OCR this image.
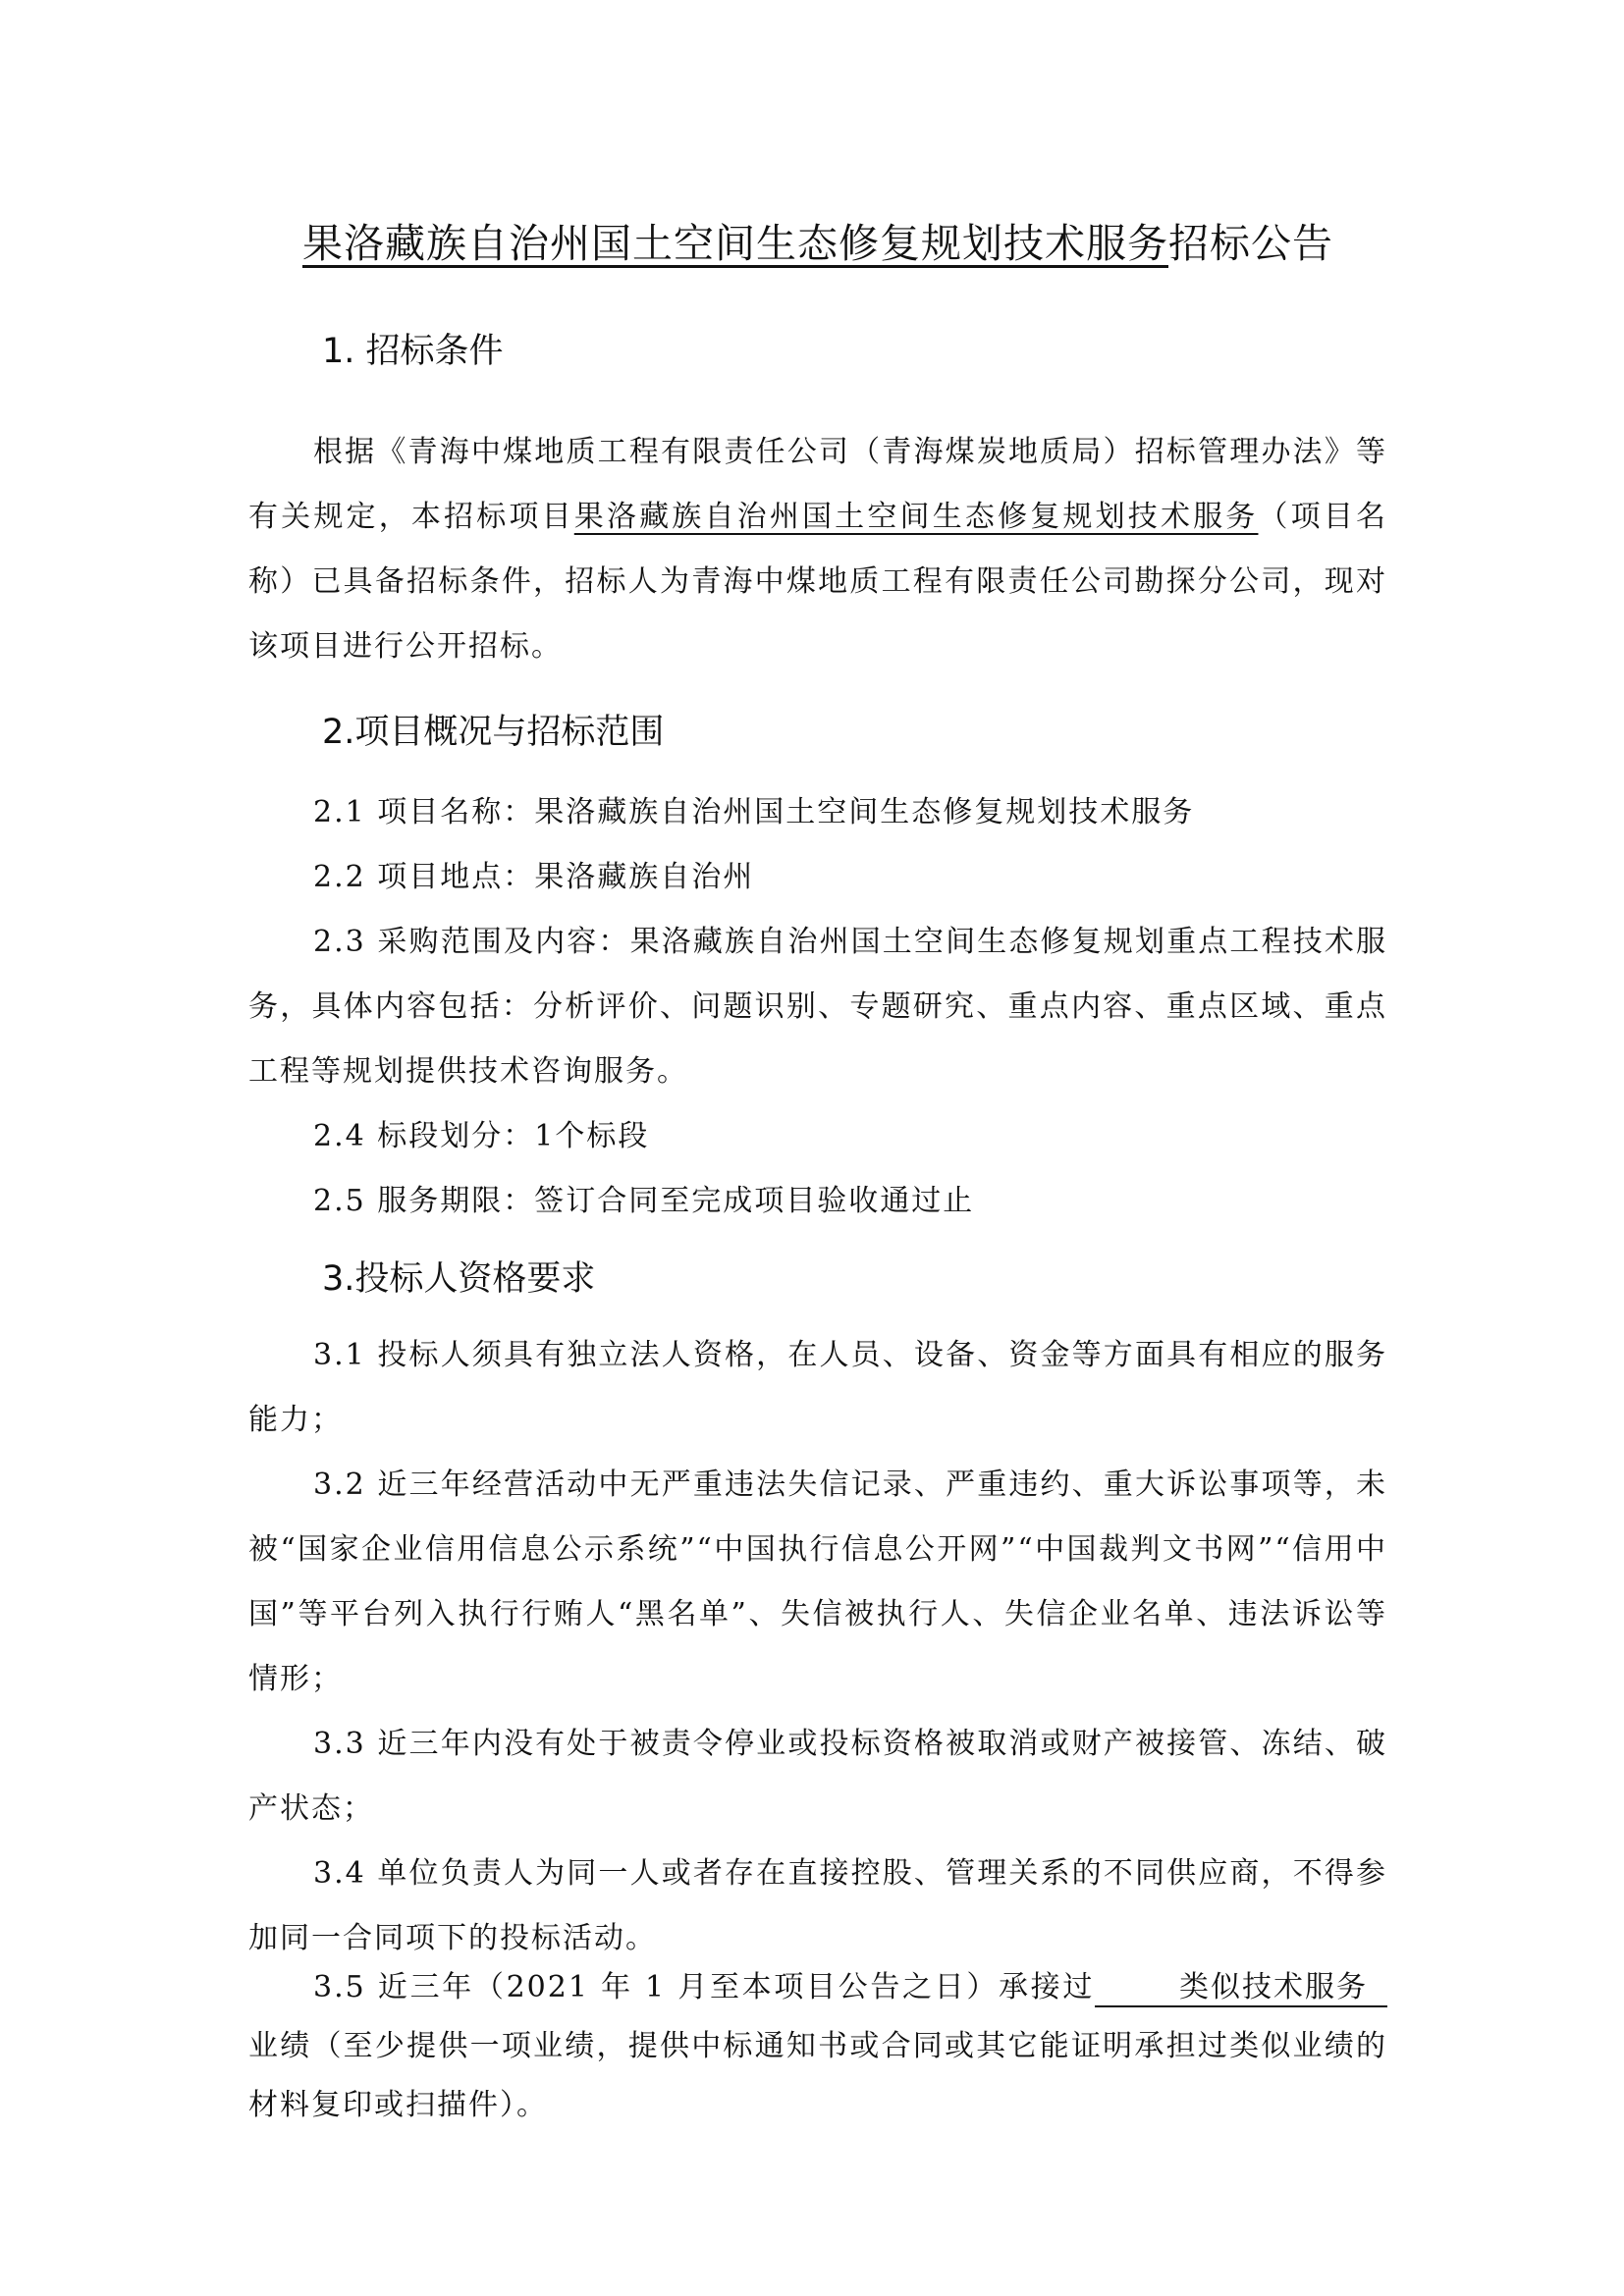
果洛藏族自治州国土空间生态修复规划技术服务招标公告
1. 招标条件
根据《青海中煤地质工程有限责任公司（青海煤炭地质局）招标管理办法》等有关规定，本招标项目果洛藏族自治州国土空间生态修复规划技术服务（项目名称）已具备招标条件，招标人为青海中煤地质工程有限责任公司勘探分公司，现对该项目进行公开招标。
2.项目概况与招标范围
2.1 项目名称：果洛藏族自治州国土空间生态修复规划技术服务
2.2 项目地点：果洛藏族自治州
2.3 采购范围及内容：果洛藏族自治州国土空间生态修复规划重点工程技术服务，具体内容包括：分析评价、问题识别、专题研究、重点内容、重点区域、重点工程等规划提供技术咨询服务。
2.4 标段划分：1个标段
2.5 服务期限：签订合同至完成项目验收通过止
3.投标人资格要求
3.1 投标人须具有独立法人资格，在人员、设备、资金等方面具有相应的服务能力；
3.2 近三年经营活动中无严重违法失信记录、严重违约、重大诉讼事项等，未被“国家企业信用信息公示系统”“中国执行信息公开网”“中国裁判文书网”“信用中国”等平台列入执行行贿人“黑名单”、失信被执行人、失信企业名单、违法诉讼等情形；
3.3 近三年内没有处于被责令停业或投标资格被取消或财产被接管、冻结、破产状态；
3.4 单位负责人为同一人或者存在直接控股、管理关系的不同供应商，不得参加同一合同项下的投标活动。
3.5 近三年（2021 年 1 月至本项目公告之日）承接过	类似技术服务业绩（至少提供一项业绩，提供中标通知书或合同或其它能证明承担过类似业绩的材料复印或扫描件）。
